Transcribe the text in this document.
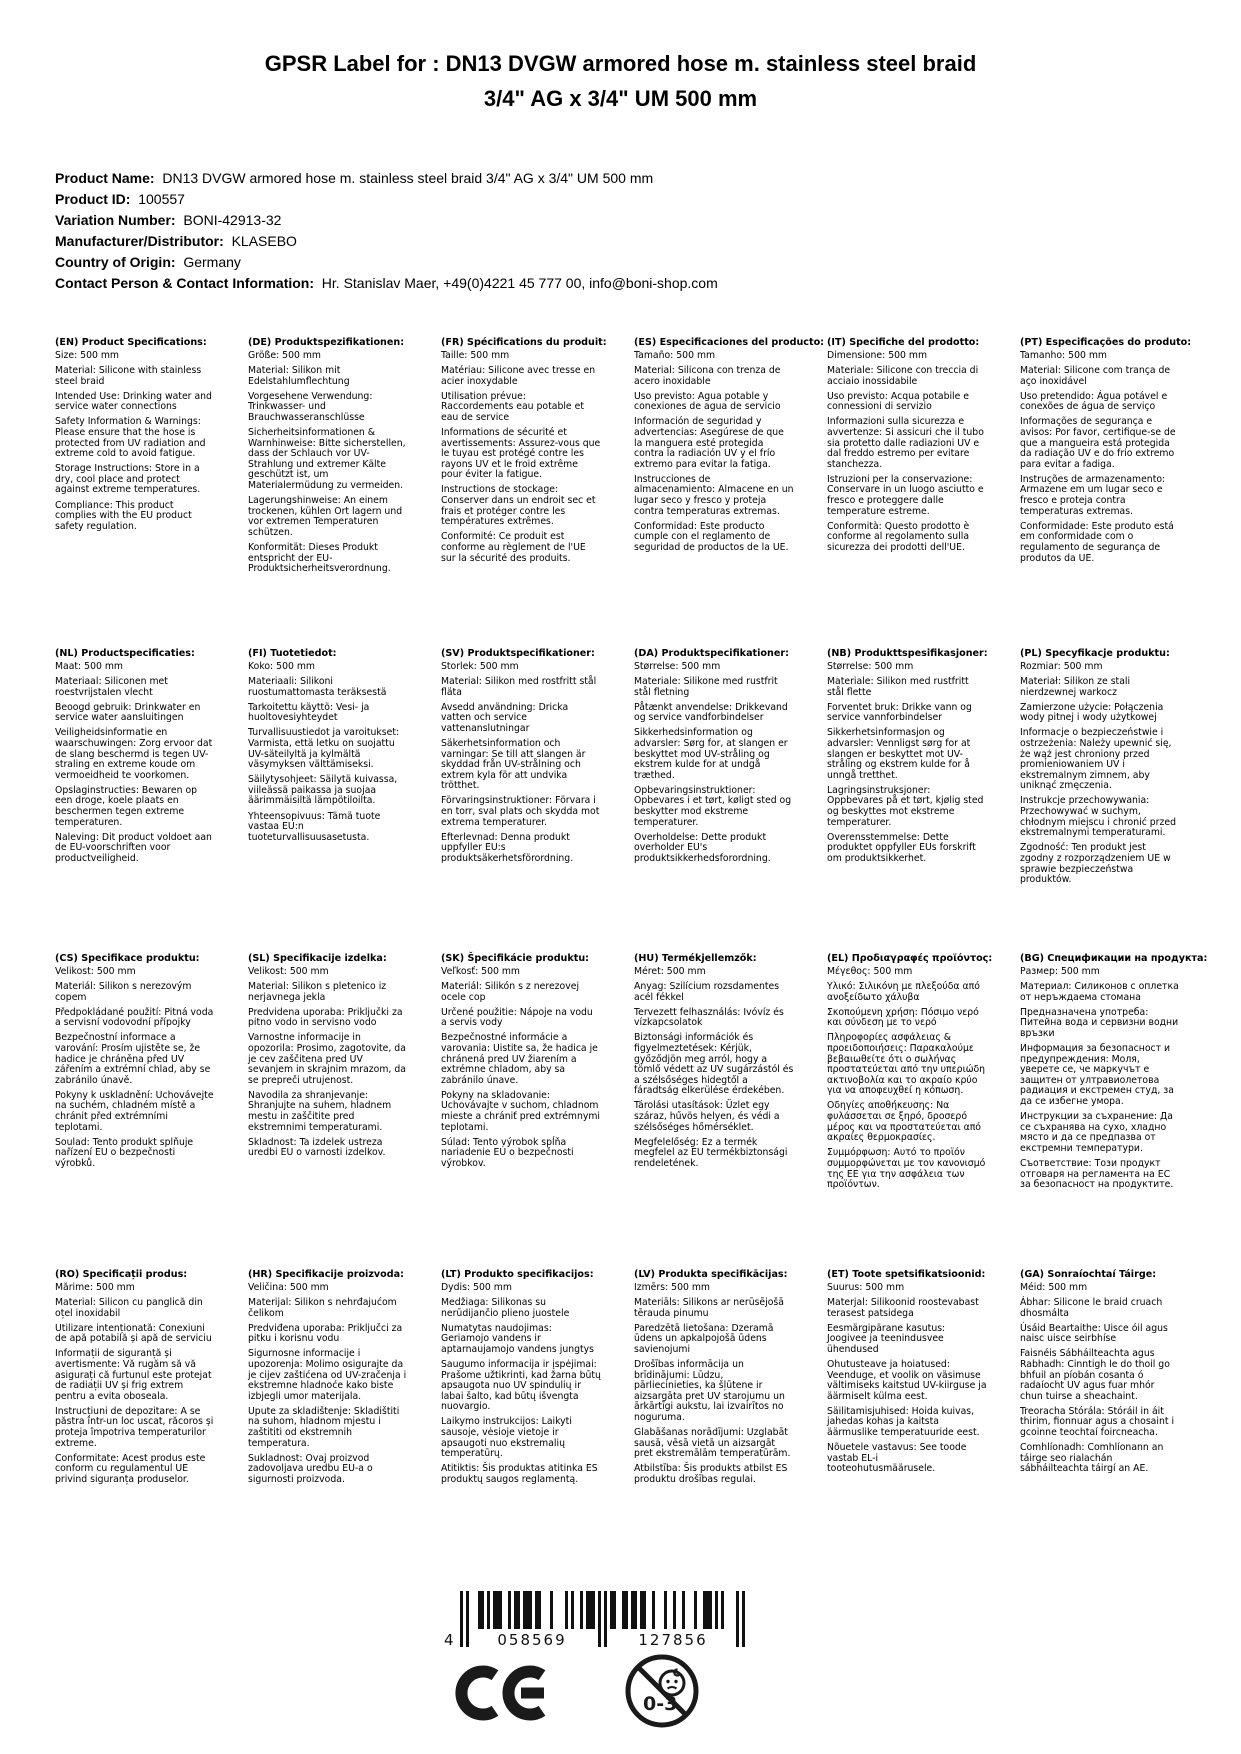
GPSR Label for : DN13 DVGW armored hose m. stainless steel braid
3/4" AG x 3/4" UM 500 mm
Product Name: DN13 DVGW armored hose m. stainless steel braid 3/4" AG x 3/4" UM 500 mm
Product ID: 100557
Variation Number: BONI-42913-32
Manufacturer/Distributor: KLASEBO
Country of Origin: Germany
Contact Person & Contact Information: Hr. Stanislav Maer, +49(0)4221 45 777 00, info@boni-shop.com
(EN) Product Specifications:
Size: 500 mm
Material: Silicone with stainless steel braid
Intended Use: Drinking water and service water connections
Safety Information & Warnings: Please ensure that the hose is protected from UV radiation and extreme cold to avoid fatigue.
Storage Instructions: Store in a dry, cool place and protect against extreme temperatures.
Compliance: This product complies with the EU product safety regulation.
(DE) Produktspezifikationen:
Größe: 500 mm
Material: Silikon mit Edelstahlumflechtung
Vorgesehene Verwendung: Trinkwasser- und Brauchwasseranschlüsse
Sicherheitsinformationen & Warnhinweise: Bitte sicherstellen, dass der Schlauch vor UV-Strahlung und extremer Kälte geschützt ist, um Materialermüdung zu vermeiden.
Lagerungshinweise: An einem trockenen, kühlen Ort lagern und vor extremen Temperaturen schützen.
Konformität: Dieses Produkt entspricht der EU-Produktsicherheitsverordnung.
(FR) Spécifications du produit:
Taille: 500 mm
Matériau: Silicone avec tresse en acier inoxydable
Utilisation prévue: Raccordements eau potable et eau de service
Informations de sécurité et avertissements: Assurez-vous que le tuyau est protégé contre les rayons UV et le froid extrême pour éviter la fatigue.
Instructions de stockage: Conserver dans un endroit sec et frais et protéger contre les températures extrêmes.
Conformité: Ce produit est conforme au règlement de l'UE sur la sécurité des produits.
(ES) Especificaciones del producto:
Tamaño: 500 mm
Material: Silicona con trenza de acero inoxidable
Uso previsto: Agua potable y conexiones de agua de servicio
Información de seguridad y advertencias: Asegúrese de que la manguera esté protegida contra la radiación UV y el frío extremo para evitar la fatiga.
Instrucciones de almacenamiento: Almacene en un lugar seco y fresco y proteja contra temperaturas extremas.
Conformidad: Este producto cumple con el reglamento de seguridad de productos de la UE.
(IT) Specifiche del prodotto:
Dimensione: 500 mm
Materiale: Silicone con treccia di acciaio inossidabile
Uso previsto: Acqua potabile e connessioni di servizio
Informazioni sulla sicurezza e avvertenze: Si assicuri che il tubo sia protetto dalle radiazioni UV e dal freddo estremo per evitare stanchezza.
Istruzioni per la conservazione: Conservare in un luogo asciutto e fresco e proteggere dalle temperature estreme.
Conformità: Questo prodotto è conforme al regolamento sulla sicurezza dei prodotti dell'UE.
(PT) Especificações do produto:
Tamanho: 500 mm
Material: Silicone com trança de aço inoxidável
Uso pretendido: Água potável e conexões de água de serviço
Informações de segurança e avisos: Por favor, certifique-se de que a mangueira está protegida da radiação UV e do frio extremo para evitar a fadiga.
Instruções de armazenamento: Armazene em um lugar seco e fresco e proteja contra temperaturas extremas.
Conformidade: Este produto está em conformidade com o regulamento de segurança de produtos da UE.
(NL) Productspecificaties:
Maat: 500 mm
Materiaal: Siliconen met roestvrijstalen vlecht
Beoogd gebruik: Drinkwater en service water aansluitingen
Veiligheidsinformatie en waarschuwingen: Zorg ervoor dat de slang beschermd is tegen UV-straling en extreme koude om vermoeidheid te voorkomen.
Opslaginstructies: Bewaren op een droge, koele plaats en beschermen tegen extreme temperaturen.
Naleving: Dit product voldoet aan de EU-voorschriften voor productveiligheid.
(FI) Tuotetiedot:
Koko: 500 mm
Materiaali: Silikoni ruostumattomasta teräksestä
Tarkoitettu käyttö: Vesi- ja huoltovesiyhteydet
Turvallisuustiedot ja varoitukset: Varmista, että letku on suojattu UV-säteilyltä ja kylmältä väsymyksen välttämiseksi.
Säilytysohjeet: Säilytä kuivassa, viileässä paikassa ja suojaa äärimmäisiltä lämpötiloilta.
Yhteensopivuus: Tämä tuote vastaa EU:n tuoteturvallisuusasetusta.
(SV) Produktspecifikationer:
Storlek: 500 mm
Material: Silikon med rostfritt stål fläta
Avsedd användning: Dricka vatten och service vattenanslutningar
Säkerhetsinformation och varningar: Se till att slangen är skyddad från UV-strålning och extrem kyla för att undvika trötthet.
Förvaringsinstruktioner: Förvara i en torr, sval plats och skydda mot extrema temperaturer.
Efterlevnad: Denna produkt uppfyller EU:s produktsäkerhetsförordning.
(DA) Produktspecifikationer:
Størrelse: 500 mm
Materiale: Silikone med rustfrit stål fletning
Påtænkt anvendelse: Drikkevand og service vandforbindelser
Sikkerhedsinformation og advarsler: Sørg for, at slangen er beskyttet mod UV-stråling og ekstrem kulde for at undgå træthed.
Opbevaringsinstruktioner: Opbevares i et tørt, køligt sted og beskytter mod ekstreme temperaturer.
Overholdelse: Dette produkt overholder EU's produktsikkerhedsforordning.
(NB) Produkttspesifikasjoner:
Størrelse: 500 mm
Materiale: Silikon med rustfritt stål flette
Forventet bruk: Drikke vann og service vannforbindelser
Sikkerhetsinformasjon og advarsler: Vennligst sørg for at slangen er beskyttet mot UV-stråling og ekstrem kulde for å unngå tretthet.
Lagringsinstruksjoner: Oppbevares på et tørt, kjølig sted og beskyttes mot ekstreme temperaturer.
Overensstemmelse: Dette produktet oppfyller EUs forskrift om produktsikkerhet.
(PL) Specyfikacje produktu:
Rozmiar: 500 mm
Materiał: Silikon ze stali nierdzewnej warkocz
Zamierzone użycie: Połączenia wody pitnej i wody użytkowej
Informacje o bezpieczeństwie i ostrzeżenia: Należy upewnić się, że wąż jest chroniony przed promieniowaniem UV i ekstremalnym zimnem, aby uniknąć zmęczenia.
Instrukcje przechowywania: Przechowywać w suchym, chłodnym miejscu i chronić przed ekstremalnymi temperaturami.
Zgodność: Ten produkt jest zgodny z rozporządzeniem UE w sprawie bezpieczeństwa produktów.
(CS) Specifikace produktu:
Velikost: 500 mm
Materiál: Silikon s nerezovým copem
Předpokládané použití: Pitná voda a servisní vodovodní přípojky
Bezpečnostní informace a varování: Prosím ujistěte se, že hadice je chráněna před UV zářením a extrémní chlad, aby se zabránilo únavě.
Pokyny k uskladnění: Uchovávejte na suchém, chladném místě a chránit před extrémními teplotami.
Soulad: Tento produkt splňuje nařízení EU o bezpečnosti výrobků.
(SL) Specifikacije izdelka:
Velikost: 500 mm
Material: Silikon s pletenico iz nerjavnega jekla
Predvidena uporaba: Priključki za pitno vodo in servisno vodo
Varnostne informacije in opozorila: Prosimo, zagotovite, da je cev zaščitena pred UV sevanjem in skrajnim mrazom, da se prepreči utrujenost.
Navodila za shranjevanje: Shranjujte na suhem, hladnem mestu in zaščitite pred ekstremnimi temperaturami.
Skladnost: Ta izdelek ustreza uredbi EU o varnosti izdelkov.
(SK) Špecifikácie produktu:
Veľkosť: 500 mm
Materiál: Silikón s z nerezovej ocele cop
Určené použitie: Nápoje na vodu a servis vody
Bezpečnostné informácie a varovania: Uistite sa, že hadica je chránená pred UV žiarením a extrémne chladom, aby sa zabránilo únave.
Pokyny na skladovanie: Uchovávajte v suchom, chladnom mieste a chrániť pred extrémnymi teplotami.
Súlad: Tento výrobok spĺňa nariadenie EÚ o bezpečnosti výrobkov.
(HU) Termékjellemzők:
Méret: 500 mm
Anyag: Szilícium rozsdamentes acél fékkel
Tervezett felhasználás: Ivóvíz és vízkapcsolatok
Biztonsági információk és figyelmeztetések: Kérjük, győződjön meg arról, hogy a tömlő védett az UV sugárzástól és a szélsőséges hidegtől a fáradtság elkerülése érdekében.
Tárolási utasítások: Üzlet egy száraz, hűvös helyen, és védi a szélsőséges hőmérséklet.
Megfelelőség: Ez a termék megfelel az EU termékbiztonsági rendeletének.
(EL) Προδιαγραφές προϊόντος:
Μέγεθος: 500 mm
Υλικό: Σιλικόνη με πλεξούδα από ανοξείδωτο χάλυβα
Σκοπούμενη χρήση: Πόσιμο νερό και σύνδεση με το νερό
Πληροφορίες ασφάλειας & προειδοποιήσεις: Παρακαλούμε βεβαιωθείτε ότι ο σωλήνας προστατεύεται από την υπεριώδη ακτινοβολία και το ακραίο κρύο για να αποφευχθεί η κόπωση.
Οδηγίες αποθήκευσης: Να φυλάσσεται σε ξηρό, δροσερό μέρος και να προστατεύεται από ακραίες θερμοκρασίες.
Συμμόρφωση: Αυτό το προϊόν συμμορφώνεται με τον κανονισμό της ΕΕ για την ασφάλεια των προϊόντων.
(BG) Спецификации на продукта:
Размер: 500 mm
Материал: Силиконов с оплетка от неръждаема стомана
Предназначена употреба: Питейна вода и сервизни водни връзки
Информация за безопасност и предупреждения: Моля, уверете се, че маркучът е защитен от ултравиолетова радиация и екстремен студ, за да се избегне умора.
Инструкции за съхранение: Да се съхранява на сухо, хладно място и да се предпазва от екстремни температури.
Съответствие: Този продукт отговаря на регламента на ЕС за безопасност на продуктите.
(RO) Specificații produs:
Mărime: 500 mm
Material: Silicon cu panglică din oțel inoxidabil
Utilizare intenționată: Conexiuni de apă potabilă și apă de serviciu
Informații de siguranță și avertismente: Vă rugăm să vă asigurați că furtunul este protejat de radiații UV și frig extrem pentru a evita oboseala.
Instrucțiuni de depozitare: A se păstra într-un loc uscat, răcoros și proteja împotriva temperaturilor extreme.
Conformitate: Acest produs este conform cu regulamentul UE privind siguranța produselor.
(HR) Specifikacije proizvoda:
Veličina: 500 mm
Materijal: Silikon s nehrđajućom čelikom
Predviđena uporaba: Priključci za pitku i korisnu vodu
Sigurnosne informacije i upozorenja: Molimo osigurajte da je cijev zaštićena od UV-zračenja i ekstremne hladnoće kako biste izbjegli umor materijala.
Upute za skladištenje: Skladištiti na suhom, hladnom mjestu i zaštititi od ekstremnih temperatura.
Sukladnost: Ovaj proizvod zadovoljava uredbu EU-a o sigurnosti proizvoda.
(LT) Produkto specifikacijos:
Dydis: 500 mm
Medžiaga: Silikonas su nerūdijančio plieno juostele
Numatytas naudojimas: Geriamojo vandens ir aptarnaujamojo vandens jungtys
Saugumo informacija ir įspėjimai: Prašome užtikrinti, kad žarna būtų apsaugota nuo UV spindulių ir labai šalto, kad būtų išvengta nuovargio.
Laikymo instrukcijos: Laikyti sausoje, vėsioje vietoje ir apsaugoti nuo ekstremalių temperatūrų.
Atitiktis: Šis produktas atitinka ES produktų saugos reglamentą.
(LV) Produkta specifikācijas:
Izmērs: 500 mm
Materiāls: Silikons ar nerūsējošā tērauda pinumu
Paredzētā lietošana: Dzeramā ūdens un apkalpojošā ūdens savienojumi
Drošības informācija un brīdinājumi: Lūdzu, pārliecinieties, ka šļūtene ir aizsargāta pret UV starojumu un ārkārtīgi aukstu, lai izvairītos no noguruma.
Glabāšanas norādījumi: Uzglabāt sausā, vēsā vietā un aizsargāt pret ekstremālām temperatūrām.
Atbilstība: Šis produkts atbilst ES produktu drošības regulai.
(ET) Toote spetsifikatsioonid:
Suurus: 500 mm
Materjal: Silikoonid roostevabast terasest patsidega
Eesmärgipärane kasutus: Joogivee ja teenindusvee ühendused
Ohutusteave ja hoiatused: Veenduge, et voolik on väsimuse vältimiseks kaitstud UV-kiirguse ja äärmiselt külma eest.
Säilitamisjuhised: Hoida kuivas, jahedas kohas ja kaitsta äärmuslike temperatuuride eest.
Nõuetele vastavus: See toode vastab EL-i tooteohutusmäärusele.
(GA) Sonraíochtaí Táirge:
Méid: 500 mm
Ábhar: Silicone le braid cruach dhosmálta
Úsáid Beartaithe: Uisce óil agus naisc uisce seirbhíse
Faisnéis Sábháilteachta agus Rabhadh: Cinntigh le do thoil go bhfuil an píobán cosanta ó radaíocht UV agus fuar mhór chun tuirse a sheachaint.
Treoracha Stórála: Stóráil in áit thirim, fionnuar agus a chosaint i gcoinne teochtaí foircneacha.
Comhlíonadh: Comhlíonann an táirge seo rialachán sábháilteachta táirgí an AE.
4	058569	127856
0-3
